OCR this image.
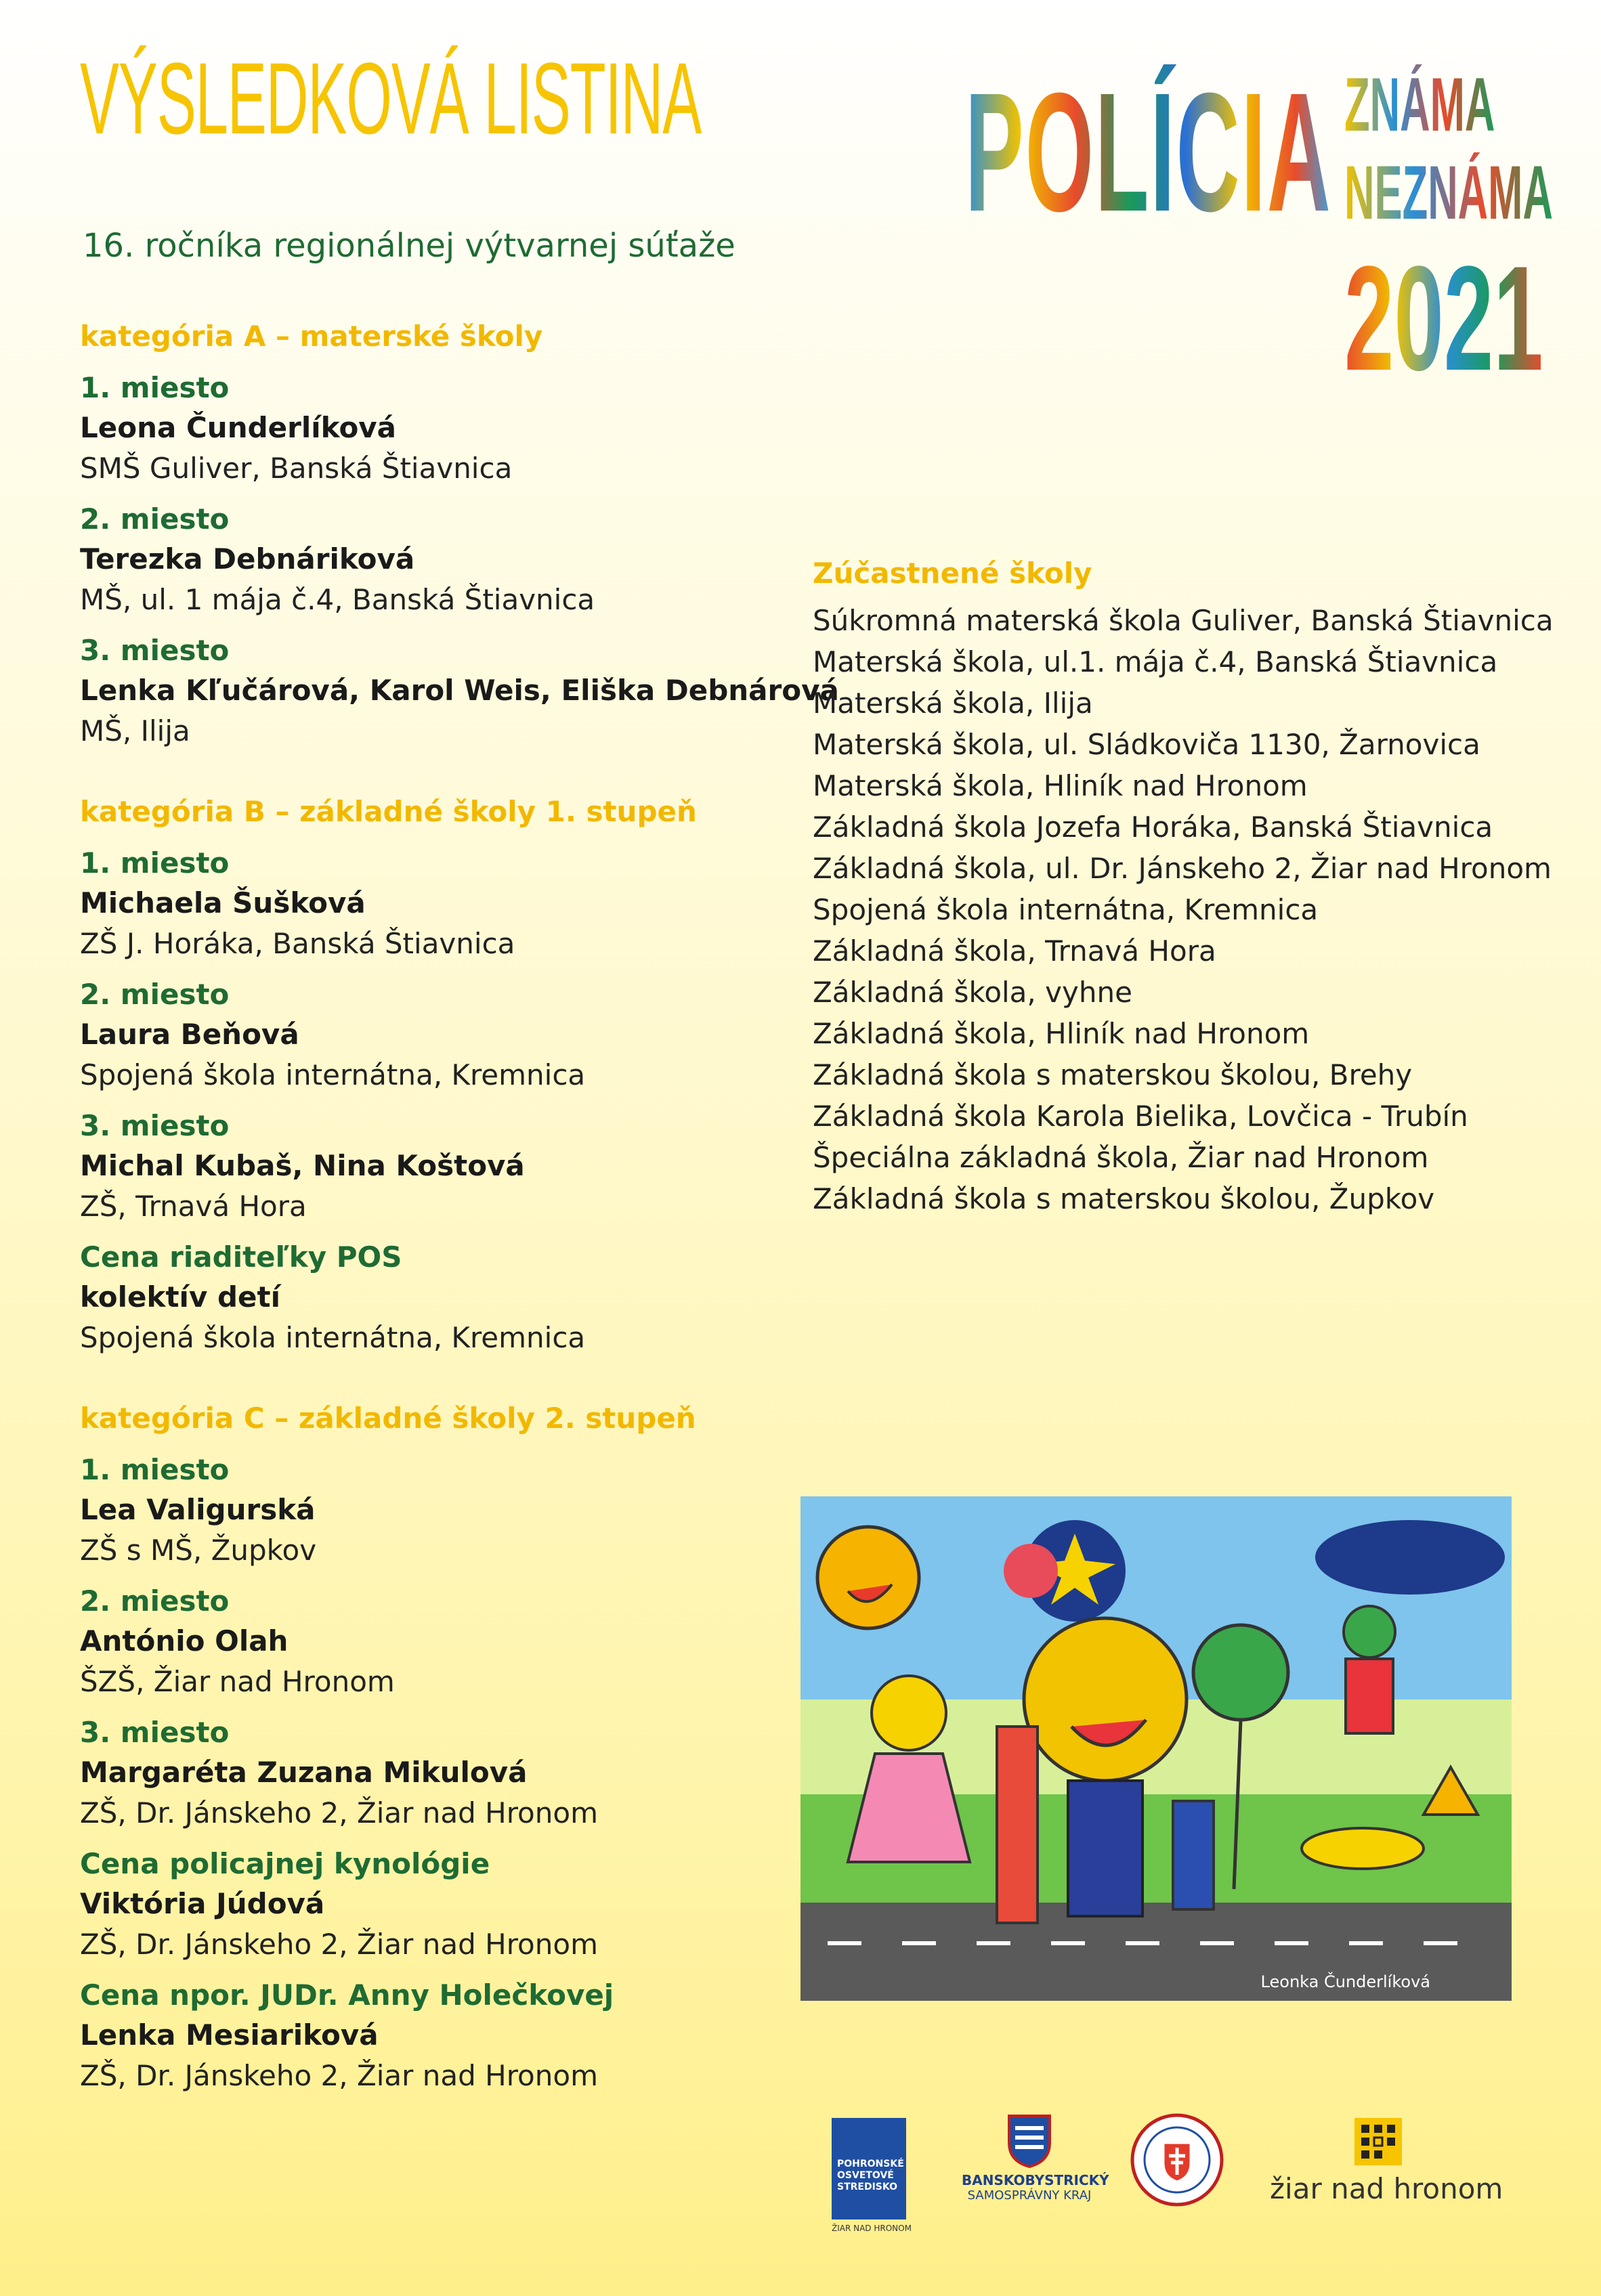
VÝSLEDKOVÁ LISTINA
16. ročníka regionálnej výtvarnej súťaže POLÍCIA ZNÁMA
NEZNÁMA
2021
kategória A – materské školy
1. miesto
Leona Čunderlíková
SMŠ Guliver, Banská Štiavnica
2. miesto
Terezka Debnáriková
MŠ, ul. 1 mája č.4, Banská Štiavnica
3. miesto
Lenka Kľučárová, Karol Weis, Eliška Debnárová
MŠ, Ilija
kategória B – základné školy 1. stupeň
1. miesto
Michaela Šušková
ZŠ J. Horáka, Banská Štiavnica
2. miesto
Laura Beňová
Spojená škola internátna, Kremnica
3. miesto
Michal Kubaš, Nina Koštová
ZŠ, Trnavá Hora
Cena riaditeľky POS
kolektív detí
Spojená škola internátna, Kremnica
kategória C – základné školy 2. stupeň
1. miesto
Lea Valigurská
ZŠ s MŠ, Župkov
2. miesto
António Olah
ŠZŠ, Žiar nad Hronom
3. miesto
Margaréta Zuzana Mikulová
ZŠ, Dr. Jánskeho 2, Žiar nad Hronom
Cena policajnej kynológie
Viktória Júdová
ZŠ, Dr. Jánskeho 2, Žiar nad Hronom
Cena npor. JUDr. Anny Holečkovej
Lenka Mesiariková
ZŠ, Dr. Jánskeho 2, Žiar nad Hronom
Zúčastnené školy
Súkromná materská škola Guliver, Banská Štiavnica
Materská škola, ul.1. mája č.4, Banská Štiavnica
Materská škola, Ilija
Materská škola, ul. Sládkoviča 1130, Žarnovica
Materská škola, Hliník nad Hronom
Základná škola Jozefa Horáka, Banská Štiavnica
Základná škola, ul. Dr. Jánskeho 2, Žiar nad Hronom
Spojená škola internátna, Kremnica
Základná škola, Trnavá Hora
Základná škola, vyhne
Základná škola, Hliník nad Hronom
Základná škola s materskou školou, Brehy
Základná škola Karola Bielika, Lovčica - Trubín
Špeciálna základná škola, Žiar nad Hronom
Základná škola s materskou školou, Župkov
Leonka Čunderlíková
POHRONSKÉ
OSVETOVÉ
STREDISKO
ŽIAR NAD HRONOM
BANSKOBYSTRICKÝ
SAMOSPRÁVNY KRAJ	žiar nad hronom
